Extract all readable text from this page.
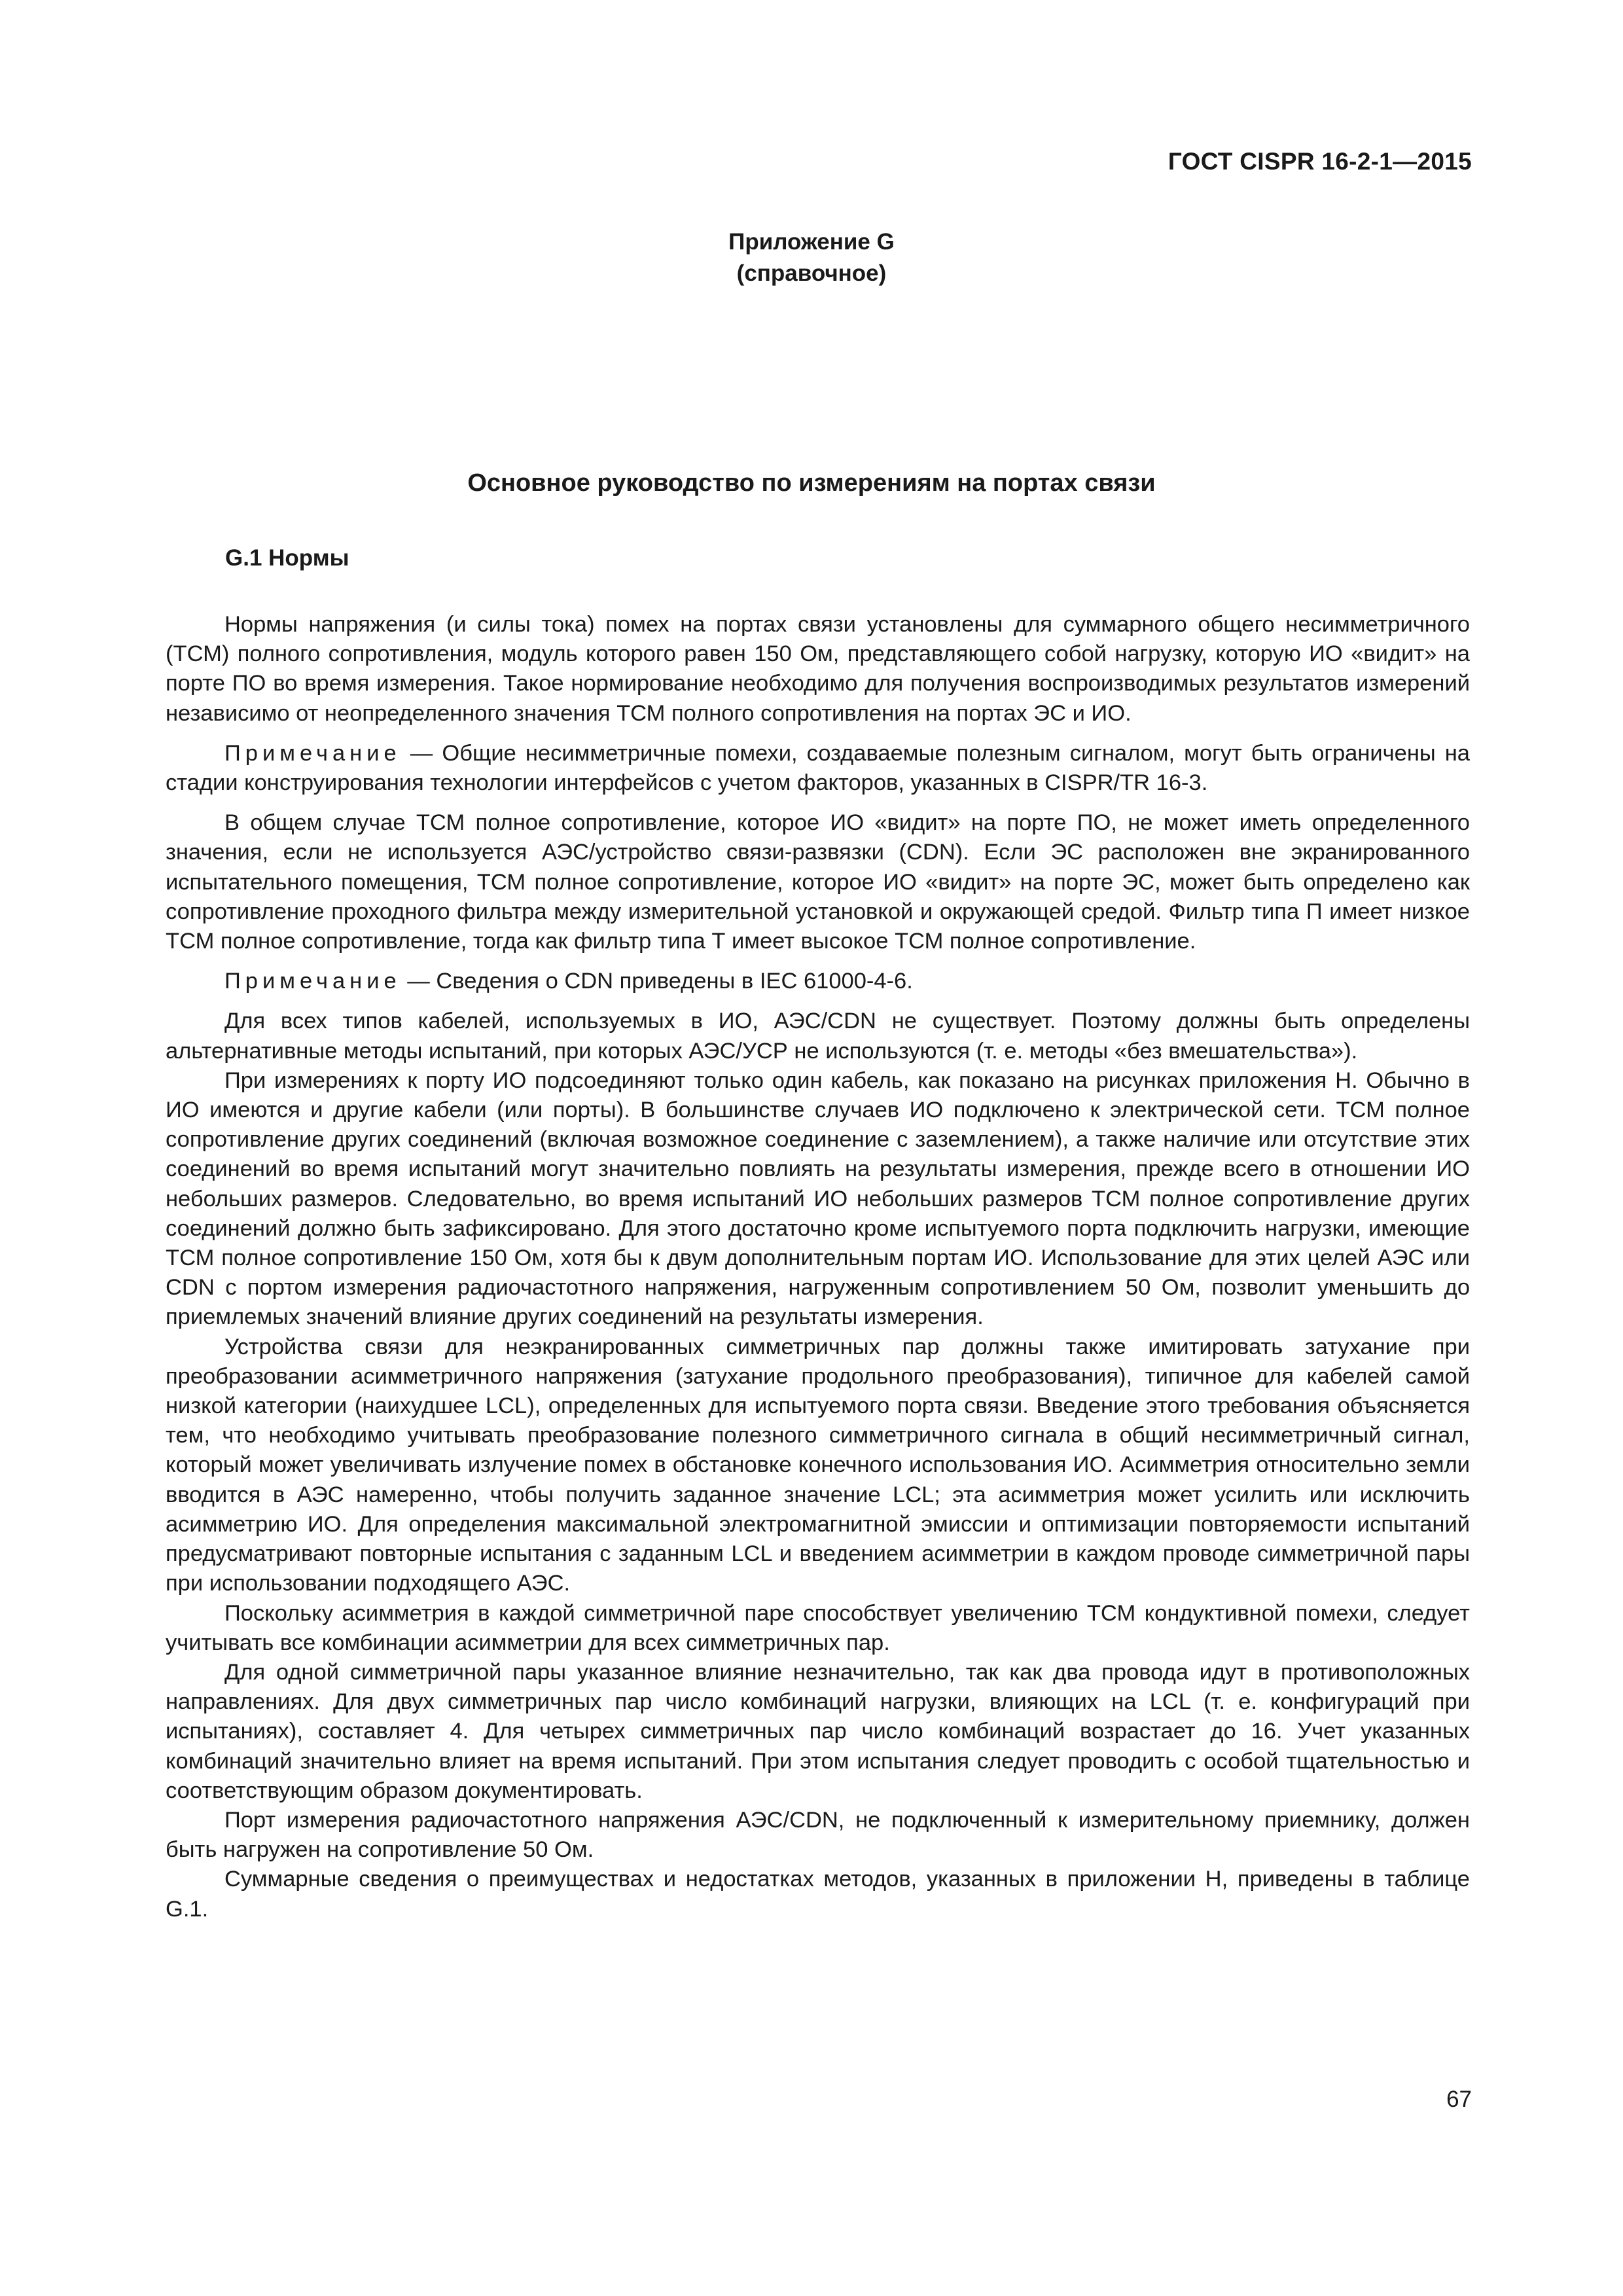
ГОСТ CISPR 16-2-1—2015
Приложение G
(справочное)
Основное руководство по измерениям на портах связи
G.1 Нормы

Нормы напряжения (и силы тока) помех на портах связи установлены для суммарного общего несимметричного (ТСМ) полного сопротивления, модуль которого равен 150 Ом, представляющего собой нагрузку, которую ИО «видит» на порте ПО во время измерения. Такое нормирование необходимо для получения воспроизводимых результатов измерений независимо от неопределенного значения ТСМ полного сопротивления на портах ЭС и ИО.

Примечание — Общие несимметричные помехи, создаваемые полезным сигналом, могут быть ограничены на стадии конструирования технологии интерфейсов с учетом факторов, указанных в CISPR/TR 16-3.

В общем случае ТСМ полное сопротивление, которое ИО «видит» на порте ПО, не может иметь определенного значения, если не используется АЭС/устройство связи-развязки (CDN). Если ЭС расположен вне экранированного испытательного помещения, ТСМ полное сопротивление, которое ИО «видит» на порте ЭС, может быть определено как сопротивление проходного фильтра между измерительной установкой и окружающей средой. Фильтр типа П имеет низкое ТСМ полное сопротивление, тогда как фильтр типа Т имеет высокое ТСМ полное сопротивление.

Примечание — Сведения о CDN приведены в IEC 61000-4-6.

Для всех типов кабелей, используемых в ИО, АЭС/CDN не существует. Поэтому должны быть определены альтернативные методы испытаний, при которых АЭС/УСР не используются (т. е. методы «без вмешательства»).

При измерениях к порту ИО подсоединяют только один кабель, как показано на рисунках приложения Н. Обычно в ИО имеются и другие кабели (или порты). В большинстве случаев ИО подключено к электрической сети. ТСМ полное сопротивление других соединений (включая возможное соединение с заземлением), а также наличие или отсутствие этих соединений во время испытаний могут значительно повлиять на результаты измерения, прежде всего в отношении ИО небольших размеров. Следовательно, во время испытаний ИО небольших размеров ТСМ полное сопротивление других соединений должно быть зафиксировано. Для этого достаточно кроме испытуемого порта подключить нагрузки, имеющие ТСМ полное сопротивление 150 Ом, хотя бы к двум дополнительным портам ИО. Использование для этих целей АЭС или CDN с портом измерения радиочастотного напряжения, нагруженным сопротивлением 50 Ом, позволит уменьшить до приемлемых значений влияние других соединений на результаты измерения.

Устройства связи для неэкранированных симметричных пар должны также имитировать затухание при преобразовании асимметричного напряжения (затухание продольного преобразования), типичное для кабелей самой низкой категории (наихудшее LCL), определенных для испытуемого порта связи. Введение этого требования объясняется тем, что необходимо учитывать преобразование полезного симметричного сигнала в общий несимметричный сигнал, который может увеличивать излучение помех в обстановке конечного использования ИО. Асимметрия относительно земли вводится в АЭС намеренно, чтобы получить заданное значение LCL; эта асимметрия может усилить или исключить асимметрию ИО. Для определения максимальной электромагнитной эмиссии и оптимизации повторяемости испытаний предусматривают повторные испытания с заданным LCL и введением асимметрии в каждом проводе симметричной пары при использовании подходящего АЭС.

Поскольку асимметрия в каждой симметричной паре способствует увеличению ТСМ кондуктивной помехи, следует учитывать все комбинации асимметрии для всех симметричных пар.

Для одной симметричной пары указанное влияние незначительно, так как два провода идут в противоположных направлениях. Для двух симметричных пар число комбинаций нагрузки, влияющих на LCL (т. е. конфигураций при испытаниях), составляет 4. Для четырех симметричных пар число комбинаций возрастает до 16. Учет указанных комбинаций значительно влияет на время испытаний. При этом испытания следует проводить с особой тщательностью и соответствующим образом документировать.

Порт измерения радиочастотного напряжения АЭС/CDN, не подключенный к измерительному приемнику, должен быть нагружен на сопротивление 50 Ом.

Суммарные сведения о преимуществах и недостатках методов, указанных в приложении Н, приведены в таблице G.1.

67
